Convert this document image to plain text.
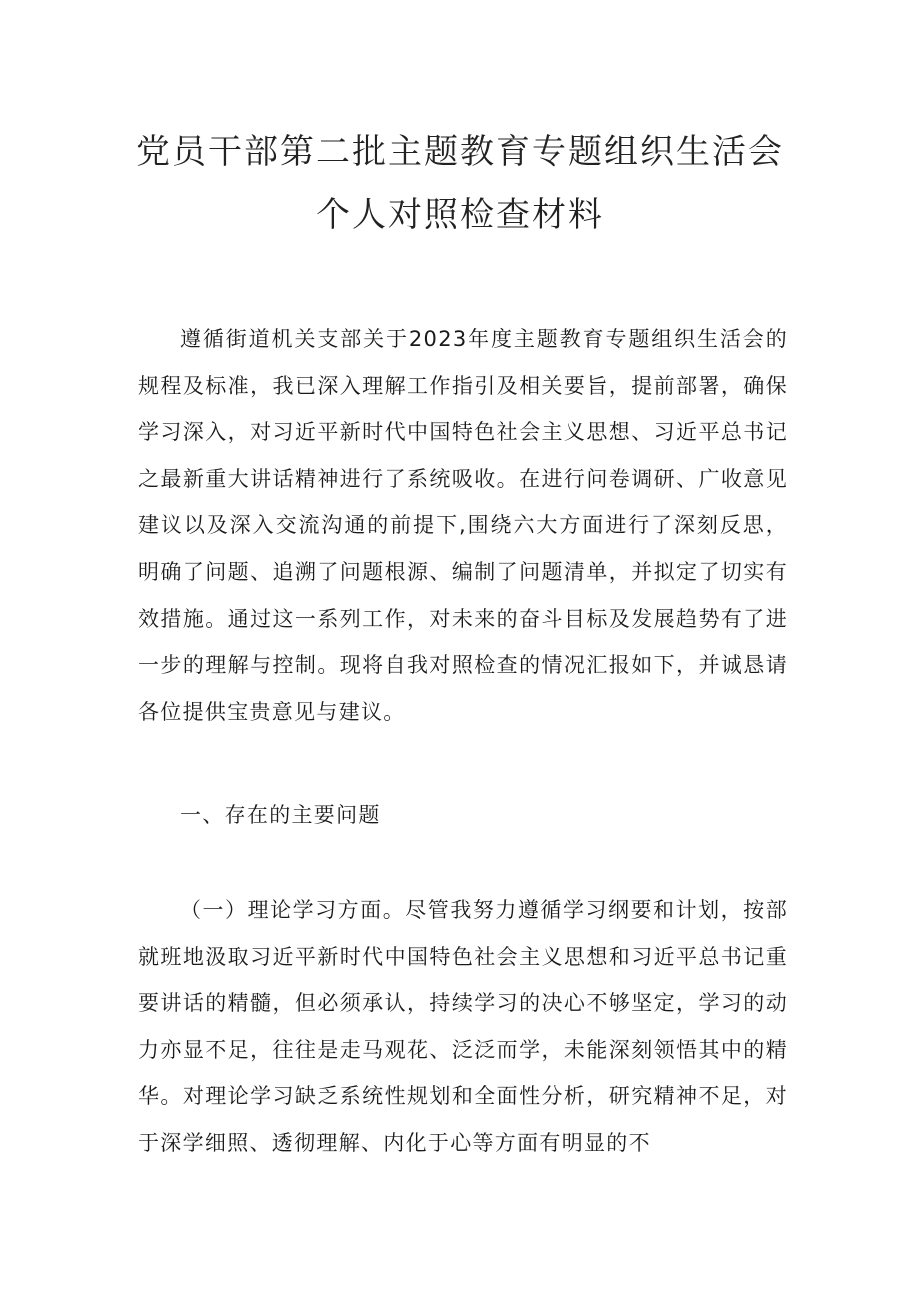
党员干部第二批主题教育专题组织生活会
个人对照检查材料

遵循街道机关支部关于2023年度主题教育专题组织生活会的规程及标准，我已深入理解工作指引及相关要旨，提前部署，确保学习深入，对习近平新时代中国特色社会主义思想、习近平总书记之最新重大讲话精神进行了系统吸收。在进行问卷调研、广收意见建议以及深入交流沟通的前提下,围绕六大方面进行了深刻反思，明确了问题、追溯了问题根源、编制了问题清单，并拟定了切实有效措施。通过这一系列工作，对未来的奋斗目标及发展趋势有了进一步的理解与控制。现将自我对照检查的情况汇报如下，并诚恳请各位提供宝贵意见与建议。

一、存在的主要问题

（一）理论学习方面。尽管我努力遵循学习纲要和计划，按部就班地汲取习近平新时代中国特色社会主义思想和习近平总书记重要讲话的精髓，但必须承认，持续学习的决心不够坚定，学习的动力亦显不足，往往是走马观花、泛泛而学，未能深刻领悟其中的精华。对理论学习缺乏系统性规划和全面性分析，研究精神不足，对于深学细照、透彻理解、内化于心等方面有明显的不
